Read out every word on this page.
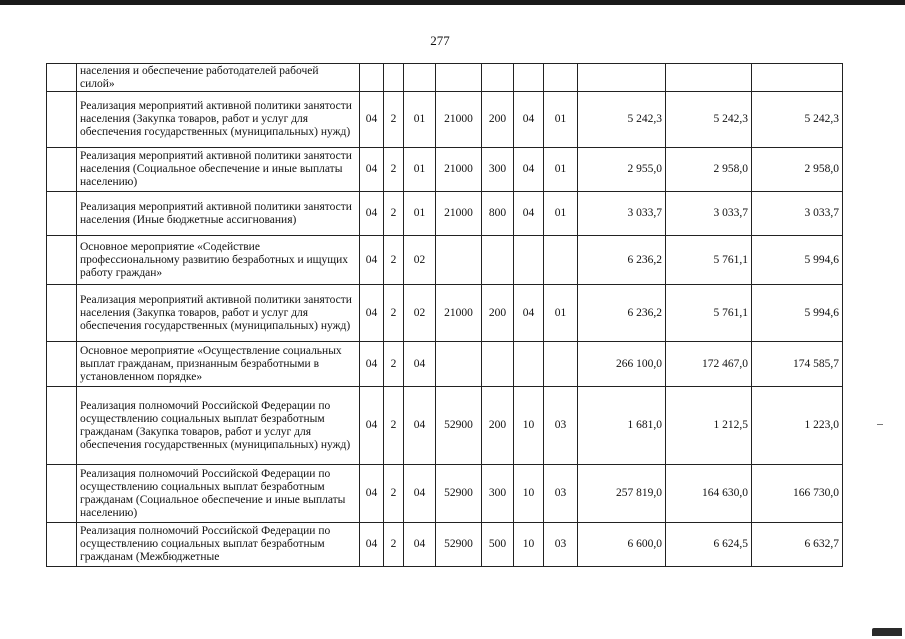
277
	населения и обеспечение работодателей рабочей силой»										
	Реализация мероприятий активной политики занятости населения (Закупка товаров, работ и услуг для обеспечения государственных (муниципальных) нужд)	04	2	01	21000	200	04	01	5 242,3	5 242,3	5 242,3
	Реализация мероприятий активной политики занятости населения (Социальное обеспечение и иные выплаты населению)	04	2	01	21000	300	04	01	2 955,0	2 958,0	2 958,0
	Реализация мероприятий активной политики занятости населения (Иные бюджетные ассигнования)	04	2	01	21000	800	04	01	3 033,7	3 033,7	3 033,7
	Основное мероприятие «Содействие профессиональному развитию безработных и ищущих работу граждан»	04	2	02					6 236,2	5 761,1	5 994,6
	Реализация мероприятий активной политики занятости населения (Закупка товаров, работ и услуг для обеспечения государственных (муниципальных) нужд)	04	2	02	21000	200	04	01	6 236,2	5 761,1	5 994,6
	Основное мероприятие «Осуществление социальных выплат гражданам, признанным безработными в установленном порядке»	04	2	04					266 100,0	172 467,0	174 585,7
	Реализация полномочий Российской Федерации по осуществлению социальных выплат безработным гражданам (Закупка товаров, работ и услуг для обеспечения государственных (муниципальных) нужд)	04	2	04	52900	200	10	03	1 681,0	1 212,5	1 223,0
	Реализация полномочий Российской Федерации по осуществлению социальных выплат безработным гражданам (Социальное обеспечение и иные выплаты населению)	04	2	04	52900	300	10	03	257 819,0	164 630,0	166 730,0
	Реализация полномочий Российской Федерации по осуществлению социальных выплат безработным гражданам (Межбюджетные	04	2	04	52900	500	10	03	6 600,0	6 624,5	6 632,7
